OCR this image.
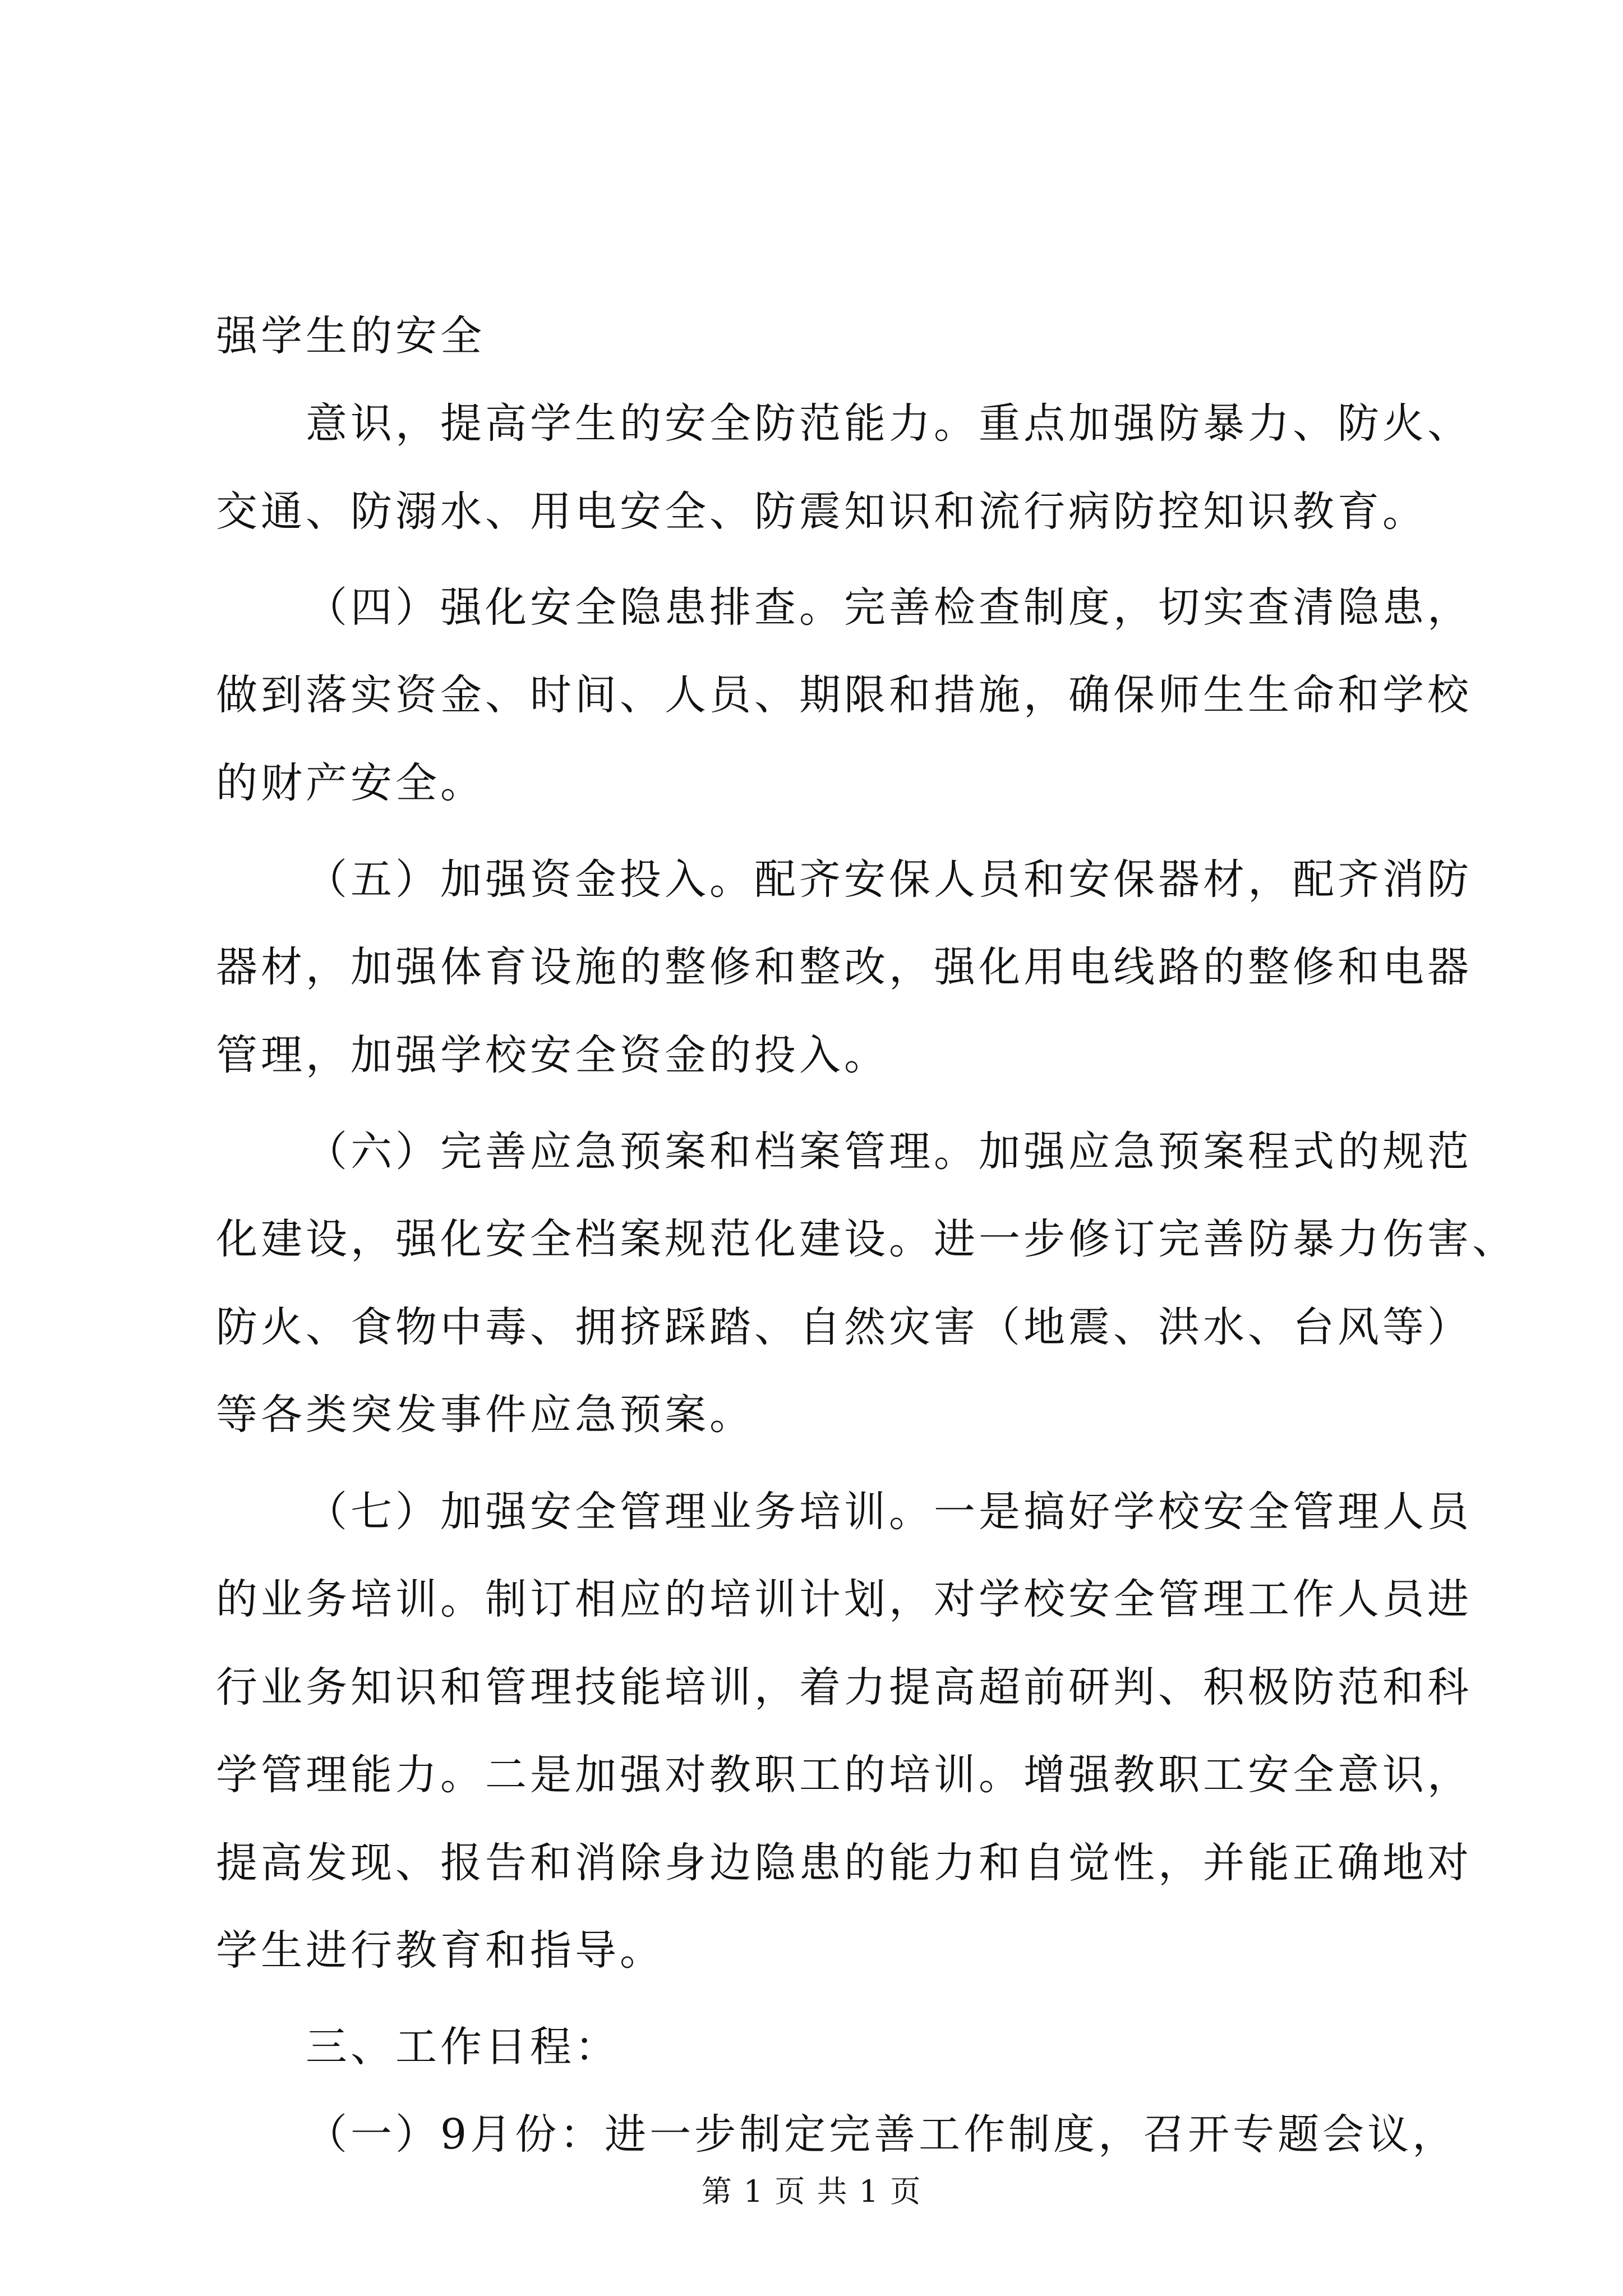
强学生的安全
意识，提高学生的安全防范能力。重点加强防暴力、防火、
交通、防溺水、用电安全、防震知识和流行病防控知识教育。
（四）强化安全隐患排查。完善检查制度，切实查清隐患，
做到落实资金、时间、人员、期限和措施，确保师生生命和学校
的财产安全。
（五）加强资金投入。配齐安保人员和安保器材，配齐消防
器材，加强体育设施的整修和整改，强化用电线路的整修和电器
管理，加强学校安全资金的投入。
（六）完善应急预案和档案管理。加强应急预案程式的规范
化建设，强化安全档案规范化建设。进一步修订完善防暴力伤害、
防火、食物中毒、拥挤踩踏、自然灾害（地震、洪水、台风等）
等各类突发事件应急预案。
（七）加强安全管理业务培训。一是搞好学校安全管理人员
的业务培训。制订相应的培训计划，对学校安全管理工作人员进
行业务知识和管理技能培训，着力提高超前研判、积极防范和科
学管理能力。二是加强对教职工的培训。增强教职工安全意识，
提高发现、报告和消除身边隐患的能力和自觉性，并能正确地对
学生进行教育和指导。
三、工作日程：
（一）9月份：进一步制定完善工作制度，召开专题会议，
第 1 页 共 1 页
